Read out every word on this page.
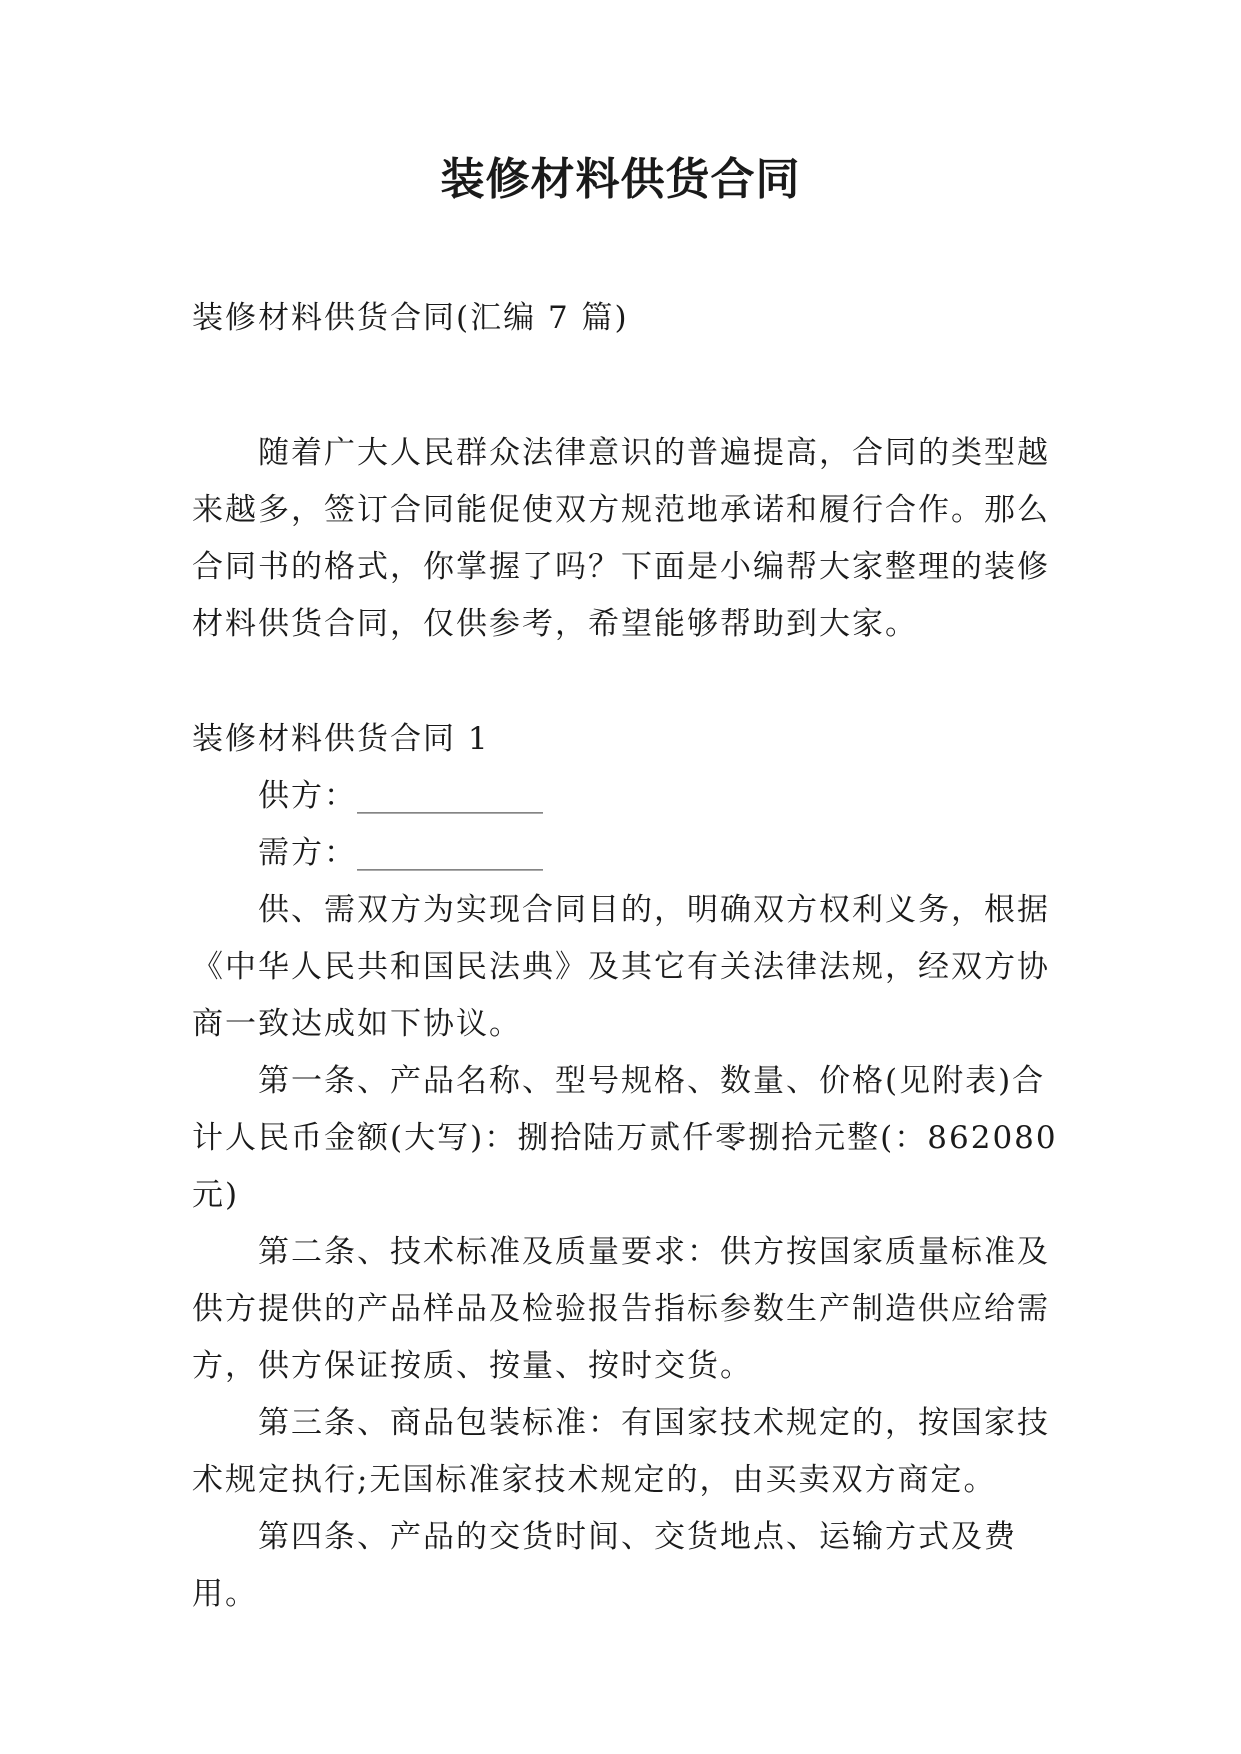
装修材料供货合同

装修材料供货合同(汇编 7 篇)

随着广大人民群众法律意识的普遍提高，合同的类型越来越多，签订合同能促使双方规范地承诺和履行合作。那么合同书的格式，你掌握了吗？下面是小编帮大家整理的装修材料供货合同，仅供参考，希望能够帮助到大家。

装修材料供货合同 1

供方：____________

需方：____________

供、需双方为实现合同目的，明确双方权利义务，根据《中华人民共和国民法典》及其它有关法律法规，经双方协商一致达成如下协议。

第一条、产品名称、型号规格、数量、价格(见附表)合计人民币金额(大写)：捌拾陆万贰仟零捌拾元整(：862080元)

第二条、技术标准及质量要求：供方按国家质量标准及供方提供的产品样品及检验报告指标参数生产制造供应给需方，供方保证按质、按量、按时交货。

第三条、商品包装标准：有国家技术规定的，按国家技术规定执行;无国标准家技术规定的，由买卖双方商定。

第四条、产品的交货时间、交货地点、运输方式及费用。
